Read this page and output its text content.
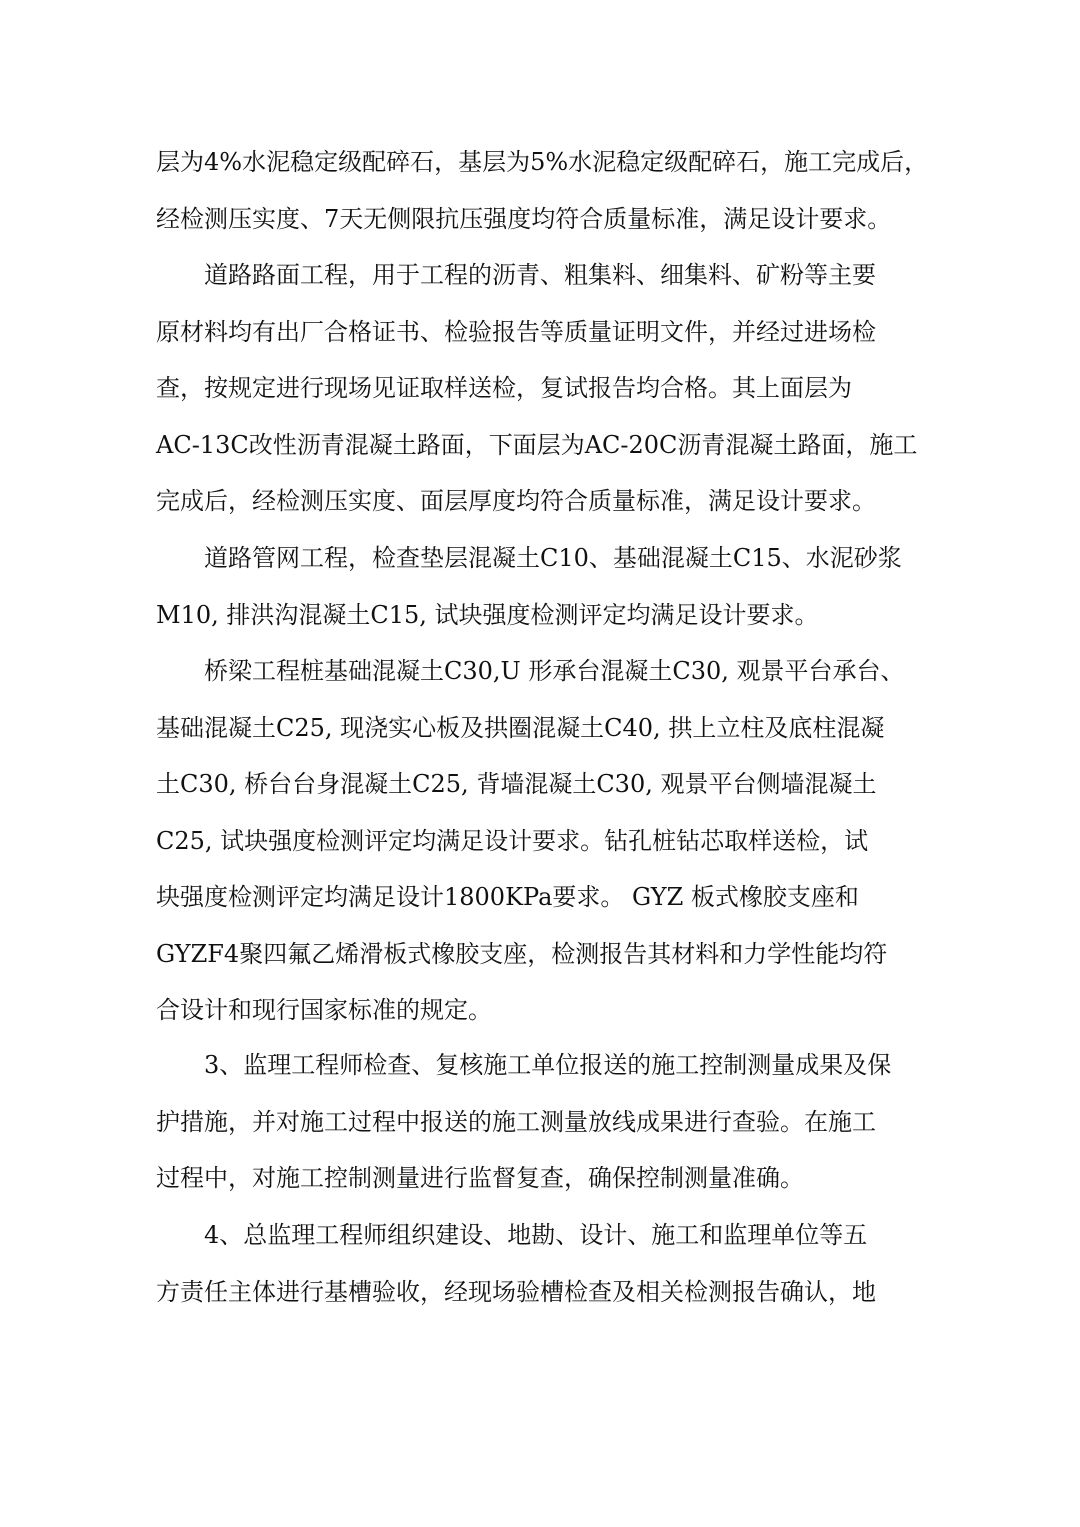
层为4%水泥稳定级配碎石，基层为5%水泥稳定级配碎石，施工完成后，
经检测压实度、7天无侧限抗压强度均符合质量标准，满足设计要求。
道路路面工程，用于工程的沥青、粗集料、细集料、矿粉等主要
原材料均有出厂合格证书、检验报告等质量证明文件，并经过进场检
查，按规定进行现场见证取样送检，复试报告均合格。其上面层为
AC-13C改性沥青混凝土路面，下面层为AC-20C沥青混凝土路面，施工
完成后，经检测压实度、面层厚度均符合质量标准，满足设计要求。
道路管网工程，检查垫层混凝土C10、基础混凝土C15、水泥砂浆
M10, 排洪沟混凝土C15, 试块强度检测评定均满足设计要求。
桥梁工程桩基础混凝土C30,U 形承台混凝土C30, 观景平台承台、
基础混凝土C25, 现浇实心板及拱圈混凝土C40, 拱上立柱及底柱混凝
土C30, 桥台台身混凝土C25, 背墙混凝土C30, 观景平台侧墙混凝土
C25, 试块强度检测评定均满足设计要求。钻孔桩钻芯取样送检，试
块强度检测评定均满足设计1800KPa要求。 GYZ 板式橡胶支座和
GYZF4聚四氟乙烯滑板式橡胶支座，检测报告其材料和力学性能均符
合设计和现行国家标准的规定。
3、监理工程师检查、复核施工单位报送的施工控制测量成果及保
护措施，并对施工过程中报送的施工测量放线成果进行查验。在施工
过程中，对施工控制测量进行监督复查，确保控制测量准确。
4、总监理工程师组织建设、地勘、设计、施工和监理单位等五
方责任主体进行基槽验收，经现场验槽检查及相关检测报告确认，地
